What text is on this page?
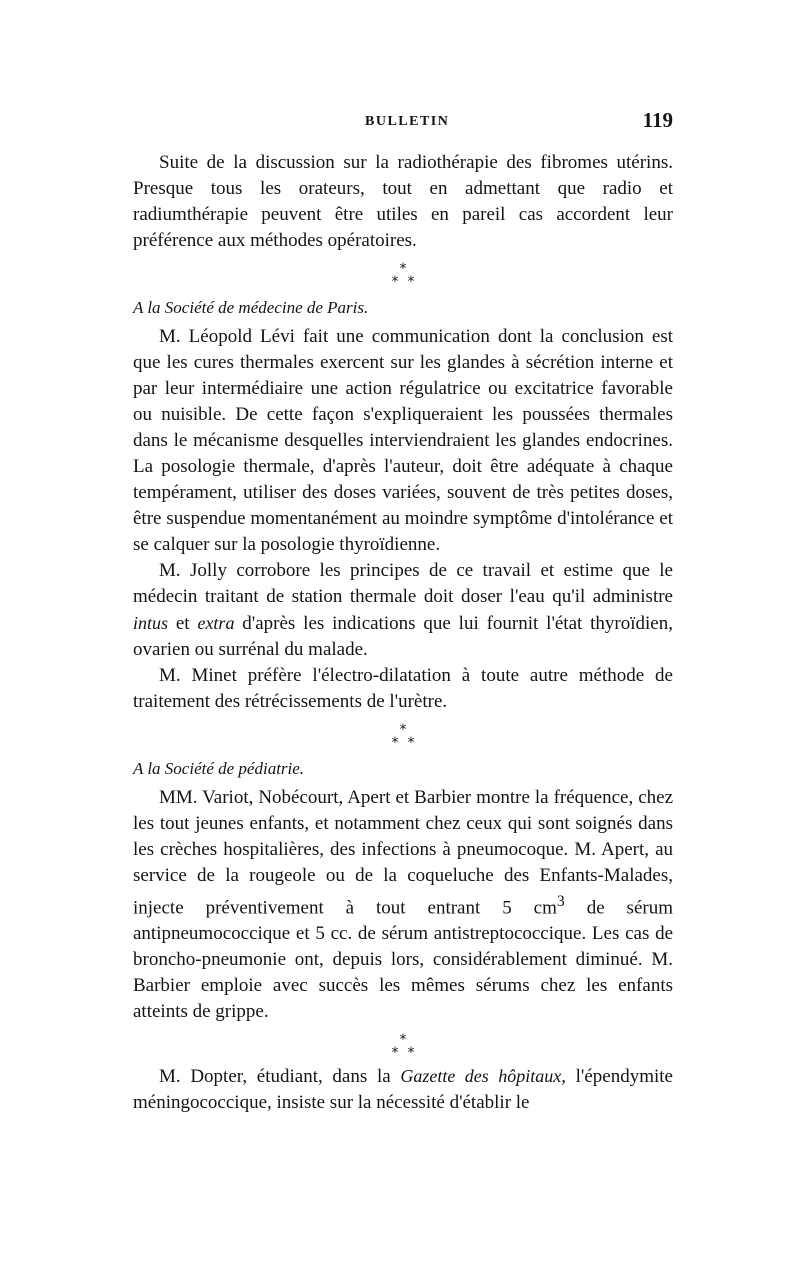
BULLETIN	119

Suite de la discussion sur la radiothérapie des fibromes utérins. Presque tous les orateurs, tout en admettant que radio et radiumthérapie peuvent être utiles en pareil cas accordent leur préférence aux méthodes opératoires.

*
* *

A la Société de médecine de Paris.

M. Léopold Lévi fait une communication dont la conclusion est que les cures thermales exercent sur les glandes à sécrétion interne et par leur intermédiaire une action régulatrice ou excitatrice favorable ou nuisible. De cette façon s'expliqueraient les poussées thermales dans le mécanisme desquelles interviendraient les glandes endocrines. La posologie thermale, d'après l'auteur, doit être adéquate à chaque tempérament, utiliser des doses variées, souvent de très petites doses, être suspendue momentanément au moindre symptôme d'intolérance et se calquer sur la posologie thyroïdienne.

M. Jolly corrobore les principes de ce travail et estime que le médecin traitant de station thermale doit doser l'eau qu'il administre intus et extra d'après les indications que lui fournit l'état thyroïdien, ovarien ou surrénal du malade.

M. Minet préfère l'électro-dilatation à toute autre méthode de traitement des rétrécissements de l'urètre.

*
* *

A la Société de pédiatrie.

MM. Variot, Nobécourt, Apert et Barbier montre la fréquence, chez les tout jeunes enfants, et notamment chez ceux qui sont soignés dans les crèches hospitalières, des infections à pneumocoque. M. Apert, au service de la rougeole ou de la coqueluche des Enfants-Malades, injecte préventivement à tout entrant 5 $cm^3$ de sérum antipneumococcique et 5 cc. de sérum antistreptococcique. Les cas de broncho-pneumonie ont, depuis lors, considérablement diminué. M. Barbier emploie avec succès les mêmes sérums chez les enfants atteints de grippe.

*
* *

M. Dopter, étudiant, dans la Gazette des hôpitaux, l'épendymite méningococcique, insiste sur la nécessité d'établir le
